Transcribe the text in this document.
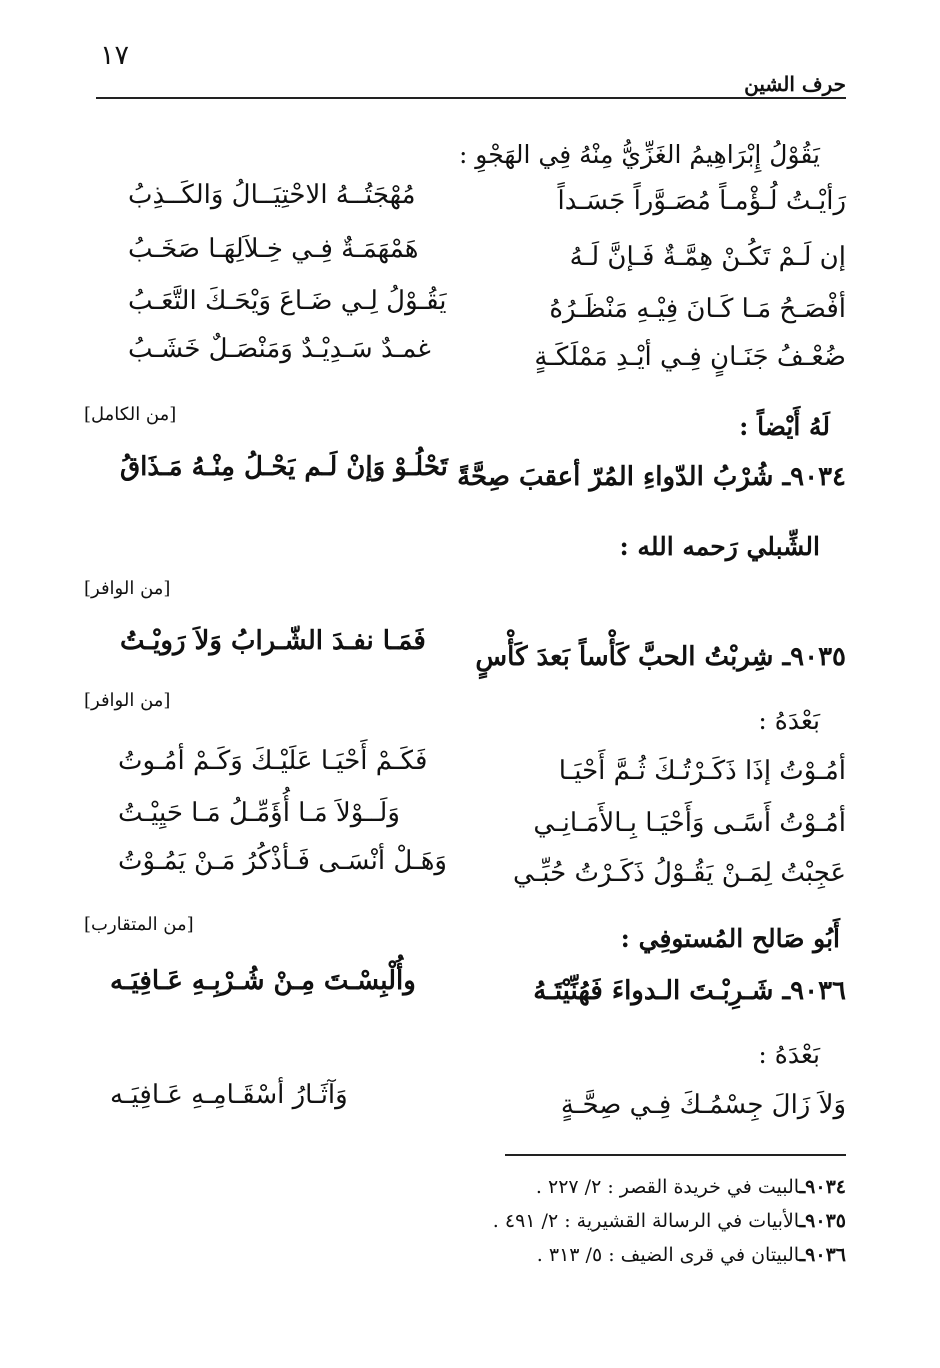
١٧
حرف الشين
يَقُوْلُ إِبْرَاهِيمُ الغَزِّيُّ مِنْهُ فِي الهَجْوِ :
رَأيْـتُ لُـؤْمـاً مُصَـوَّراً جَسَـداً
مُهْجَتُــهُ الاحْتِيَــالُ وَالكَــذِبُ
إن لَـمْ تَكُـنْ هِمَّـةٌ فَـإنَّ لَـهُ
هَمْهَمَـةٌ فِـي خِـلاَلِهَـا صَخَـبُ
أفْصَـحُ مَـا كَـانَ فِيْـهِ مَنْظَـرُهُ
يَقُـوْلُ لِـي ضَـاعَ وَيْحَـكَ التَّعَـبُ
ضُعْـفُ جَنَـانٍ فِـي أيْـدِ مَمْلَكَـةٍ
غمـدٌ سَـدِيْـدٌ وَمَنْصَـلٌ خَشَـبُ
[من الكامل]	لَهُ أَيْضاً :
٩٠٣٤ـ شُرْبُ الدّواءِ المُرّ أعقبَ صِحَّةً
تَحْلُـوْ وَإنْ لَـم يَحْـلُ مِنْـهُ مَـذَاقُ
الشِّبلي رَحمه الله :
[من الوافر]
٩٠٣٥ـ شِربْتُ الحبَّ كَأْساً بَعدَ كَأْسٍ
فَمَـا نفـدَ الشّـرابُ وَلاَ رَويْـتُ
[من الوافر]
بَعْدَهُ :
أمُـوْتُ إذَا ذَكَـرْتُـكَ ثُـمَّ أَحْيَـا
فَكَـمْ أَحْيَـا عَلَيْـكَ وَكَـمْ أمُـوتُ
أمُـوْتُ أَسًـى وَأَحْيَـا بِـالأَمَـانِـي
وَلَــوْلاَ مَـا أُؤَمِّـلُ مَـا حَيِيْـتُ
عَجِبْتُ لِمَـنْ يَقُـوْلُ ذَكَـرْتُ حُبِّـي
وَهَـلْ أنْسَـى فَـأذْكُرُ مَـنْ يَمُـوْتُ
[من المتقارب]	أَبُو صَالح المُستوفِي :
٩٠٣٦ـ شَـرِبْـتَ الـدواءَ فَهُنِّيْتَـهُ
وأُلْبِسْـتَ مِـنْ شُـرْبِـهِ عَـافِيَـه
بَعْدَهُ :
وَلاَ زَالَ جِسْمُـكَ فِـي صِحَّـةٍ
وَآثَـارُ أسْقَـامِـهِ عَـافِيَـه
٩٠٣٤ـالبيت في خريدة القصر : ٢/ ٢٢٧ .
٩٠٣٥ـالأبيات في الرسالة القشيرية : ٢/ ٤٩١ .
٩٠٣٦ـالبيتان في قرى الضيف : ٥/ ٣١٣ .
